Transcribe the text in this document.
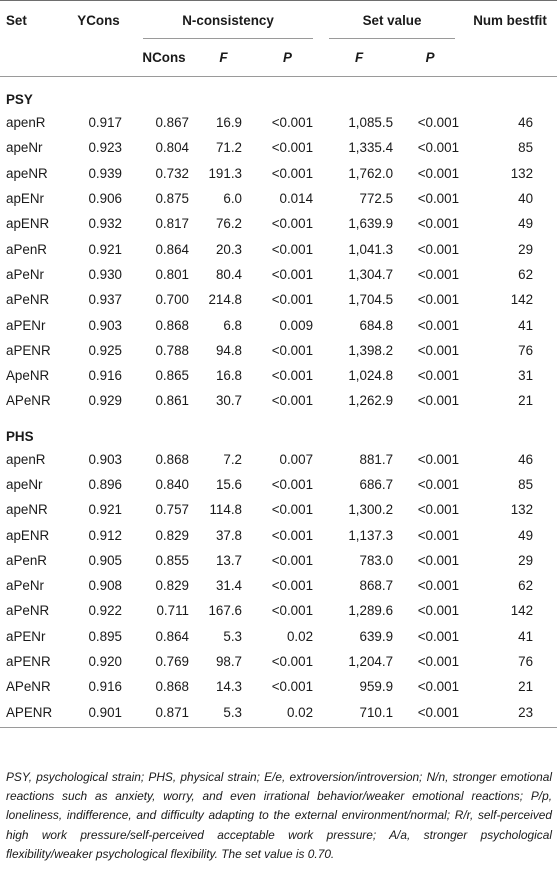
Set	YCons	N-consistency			Set value		Num bestfit
		NCons	F	P	F	P	
PSY							
apenR	0.917	0.867	16.9	<0.001	1,085.5	<0.001	46
apeNr	0.923	0.804	71.2	<0.001	1,335.4	<0.001	85
apeNR	0.939	0.732	191.3	<0.001	1,762.0	<0.001	132
apENr	0.906	0.875	6.0	0.014	772.5	<0.001	40
apENR	0.932	0.817	76.2	<0.001	1,639.9	<0.001	49
aPenR	0.921	0.864	20.3	<0.001	1,041.3	<0.001	29
aPeNr	0.930	0.801	80.4	<0.001	1,304.7	<0.001	62
aPeNR	0.937	0.700	214.8	<0.001	1,704.5	<0.001	142
aPENr	0.903	0.868	6.8	0.009	684.8	<0.001	41
aPENR	0.925	0.788	94.8	<0.001	1,398.2	<0.001	76
ApeNR	0.916	0.865	16.8	<0.001	1,024.8	<0.001	31
APeNR	0.929	0.861	30.7	<0.001	1,262.9	<0.001	21
PHS							
apenR	0.903	0.868	7.2	0.007	881.7	<0.001	46
apeNr	0.896	0.840	15.6	<0.001	686.7	<0.001	85
apeNR	0.921	0.757	114.8	<0.001	1,300.2	<0.001	132
apENR	0.912	0.829	37.8	<0.001	1,137.3	<0.001	49
aPenR	0.905	0.855	13.7	<0.001	783.0	<0.001	29
aPeNr	0.908	0.829	31.4	<0.001	868.7	<0.001	62
aPeNR	0.922	0.711	167.6	<0.001	1,289.6	<0.001	142
aPENr	0.895	0.864	5.3	0.02	639.9	<0.001	41
aPENR	0.920	0.769	98.7	<0.001	1,204.7	<0.001	76
APeNR	0.916	0.868	14.3	<0.001	959.9	<0.001	21
APENR	0.901	0.871	5.3	0.02	710.1	<0.001	23
PSY, psychological strain; PHS, physical strain; E/e, extroversion/introversion; N/n, stronger emotional reactions such as anxiety, worry, and even irrational behavior/weaker emotional reactions; P/p, loneliness, indifference, and difficulty adapting to the external environment/normal; R/r, self-perceived high work pressure/self-perceived acceptable work pressure; A/a, stronger psychological flexibility/weaker psychological flexibility. The set value is 0.70.
